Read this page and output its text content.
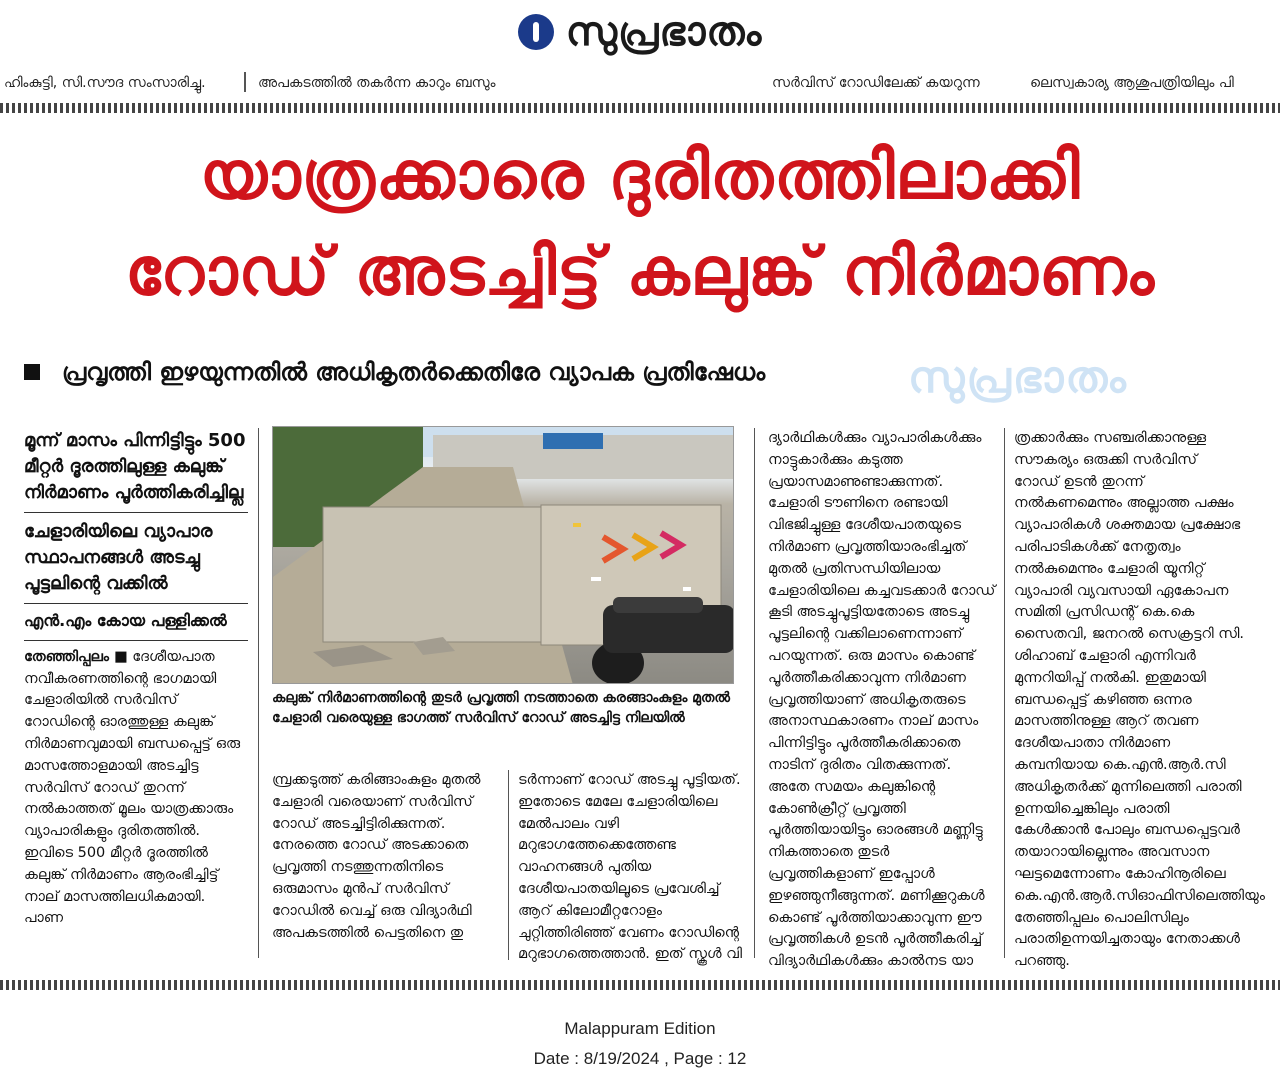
സുപ്രഭാതം
ഹിംകുട്ടി, സി.സൗദ സംസാരിച്ചു.	അപകടത്തിൽ തകർന്ന കാറും ബസും	സർവിസ് റോഡിലേക്ക് കയറുന്ന	ലെസ്വകാര്യ ആശുപത്രിയിലും പി
യാത്രക്കാരെ ദുരിതത്തിലാക്കി
റോഡ് അടച്ചിട്ട് കലുങ്ക് നിർമാണം
പ്രവൃത്തി ഇഴയുന്നതിൽ അധികൃതർക്കെതിരേ വ്യാപക പ്രതിഷേധം	സുപ്രഭാതം
മൂന്ന് മാസം പിന്നിട്ടിട്ടും 500 മീറ്റർ ദൂരത്തിലുള്ള കലുങ്ക് നിർമാണം പൂർത്തികരിച്ചില്ല
ചേളാരിയിലെ വ്യാപാര സ്ഥാപനങ്ങൾ അടച്ചു പൂട്ടലിന്റെ വക്കിൽ
എൻ.എം കോയ പള്ളിക്കൽ
തേഞ്ഞിപ്പലം ■ ദേശീയപാത നവീകരണത്തിന്റെ ഭാഗമായി ചേളാരിയിൽ സർവിസ് റോഡിന്റെ ഓരത്തുള്ള കലുങ്ക് നിർമാണവുമായി ബന്ധപ്പെട്ട് ഒരു മാസത്തോളമായി അടച്ചിട്ട സർവിസ് റോഡ് തുറന്ന് നൽകാത്തത് മൂലം യാത്രക്കാരും വ്യാപാരികളും ദുരിതത്തിൽ. ഇവിടെ 500 മീറ്റർ ദൂരത്തിൽ കലുങ്ക് നിർമാണം ആരംഭിച്ചിട്ട് നാല് മാസത്തിലധികമായി. പാണ
കലുങ്ക് നിർമാണത്തിന്റെ തുടർ പ്രവൃത്തി നടത്താതെ കരങ്ങാംകുളം മുതൽ ചേളാരി വരെയുള്ള ഭാഗത്ത് സർവിസ് റോഡ് അടച്ചിട്ട നിലയിൽ
മ്പ്രക്കടുത്ത് കരിങ്ങാംകുളം മുതൽ ചേളാരി വരെയാണ് സർവിസ് റോഡ് അടച്ചിട്ടിരിക്കുന്നത്.
നേരത്തെ റോഡ് അടക്കാതെ പ്രവൃത്തി നടത്തുന്നതിനിടെ ഒരുമാസം മുൻപ് സർവിസ് റോഡിൽ വെച്ച് ഒരു വിദ്യാർഥി അപകടത്തിൽ പെട്ടതിനെ തു
ടർന്നാണ് റോഡ് അടച്ചു പൂട്ടിയത്. ഇതോടെ മേലേ ചേളാരിയിലെ മേൽപാലം വഴി മറുഭാഗത്തേക്കെത്തേണ്ട വാഹനങ്ങൾ പുതിയ ദേശീയപാതയിലൂടെ പ്രവേശിച്ച് ആറ് കിലോമീറ്ററോളം ചുറ്റിത്തിരിഞ്ഞ് വേണം റോഡിന്റെ മറുഭാഗത്തെത്താൻ. ഇത് സ്കൂൾ വി
ദ്യാർഥികൾക്കും വ്യാപാരികൾക്കും നാട്ടുകാർക്കും കടുത്ത പ്രയാസമാണുണ്ടാക്കുന്നത്. ചേളാരി ടൗണിനെ രണ്ടായി വിഭജിച്ചുള്ള ദേശീയപാതയുടെ നിർമാണ പ്രവൃത്തിയാരംഭിച്ചത് മുതൽ പ്രതിസന്ധിയിലായ ചേളാരിയിലെ കച്ചവടക്കാർ റോഡ് കൂടി അടച്ചുപൂട്ടിയതോടെ അടച്ചു പൂട്ടലിന്റെ വക്കിലാണെന്നാണ് പറയുന്നത്. ഒരു മാസം കൊണ്ട് പൂർത്തീകരിക്കാവുന്ന നിർമാണ പ്രവൃത്തിയാണ് അധികൃതരുടെ അനാസ്ഥകാരണം നാല് മാസം പിന്നിട്ടിട്ടും പൂർത്തീകരിക്കാതെ നാടിന് ദുരിതം വിതക്കുന്നത്.
അതേ സമയം കലുങ്കിന്റെ കോൺക്രീറ്റ് പ്രവൃത്തി പൂർത്തിയായിട്ടും ഓരങ്ങൾ മണ്ണിട്ടു നികത്താതെ തുടർ പ്രവൃത്തികളാണ് ഇപ്പോൾ ഇഴഞ്ഞുനീങ്ങുന്നത്. മണിക്കൂറുകൾ കൊണ്ട് പൂർത്തിയാക്കാവുന്ന ഈ പ്രവൃത്തികൾ ഉടൻ പൂർത്തീകരിച്ച് വിദ്യാർഥികൾക്കും കാൽനട യാ
ത്രക്കാർക്കും സഞ്ചരിക്കാനുള്ള സൗകര്യം ഒരുക്കി സർവിസ് റോഡ് ഉടൻ തുറന്ന് നൽകണമെന്നും അല്ലാത്ത പക്ഷം വ്യാപാരികൾ ശക്തമായ പ്രക്ഷോഭ പരിപാടികൾക്ക് നേതൃത്വം നൽകുമെന്നും ചേളാരി യൂനിറ്റ് വ്യാപാരി വ്യവസായി ഏകോപന സമിതി പ്രസിഡന്റ് കെ.കെ സൈതവി, ജനറൽ സെക്രട്ടറി സി. ശിഹാബ് ചേളാരി എന്നിവർ മുന്നറിയിപ്പ് നൽകി. ഇതുമായി ബന്ധപ്പെട്ട് കഴിഞ്ഞ ഒന്നര മാസത്തിനുള്ള ആറ് തവണ ദേശീയപാതാ നിർമാണ കമ്പനിയായ കെ.എൻ.ആർ.സി അധികൃതർക്ക് മുന്നിലെത്തി പരാതി ഉന്നയിച്ചെങ്കിലും പരാതി കേൾക്കാൻ പോലും ബന്ധപ്പെട്ടവർ തയാറായില്ലെന്നും അവസാന ഘട്ടമെന്നോണം കോഹിനൂരിലെ കെ.എൻ.ആർ.സിഓഫിസിലെത്തിയും തേഞ്ഞിപ്പലം പൊലിസിലും പരാതിഉന്നയിച്ചതായും നേതാക്കൾ പറഞ്ഞു.
Malappuram Edition
Date : 8/19/2024 , Page : 12
